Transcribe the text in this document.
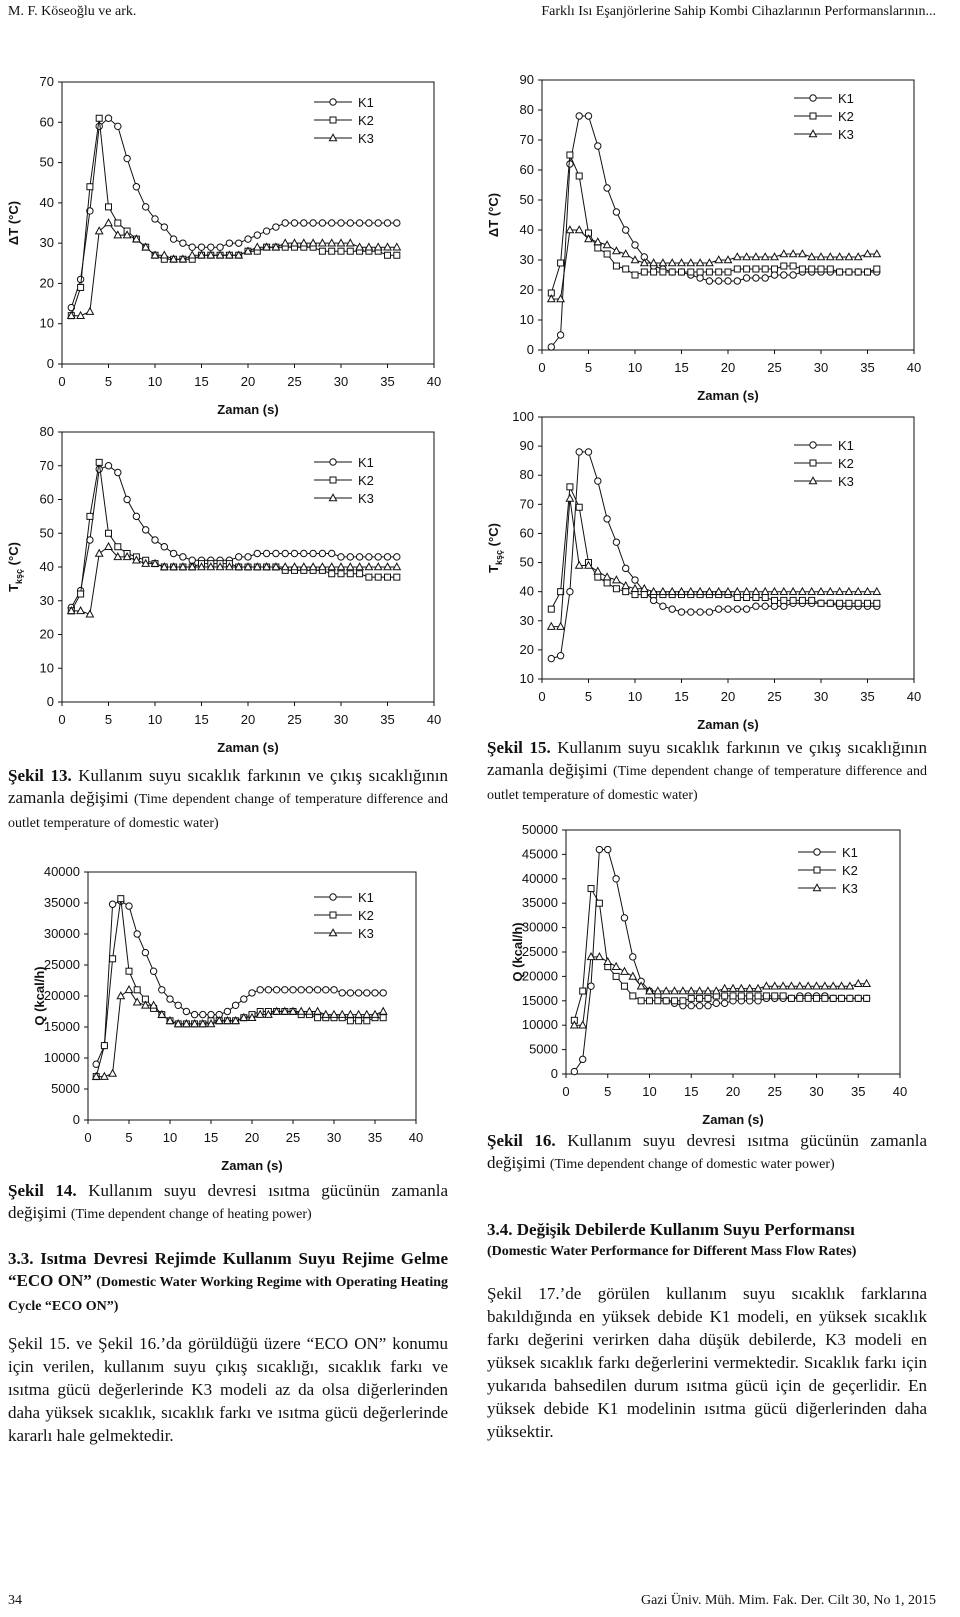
M. F. Köseoğlu ve ark.	Farklı Isı Eşanjörlerine Sahip Kombi Cihazlarının Performanslarının...
0
10
20
30
40
50
60
70
0	5	10 15 20 25 30 35 40
Zaman (s)
ΔT (°C)
K1
K2
K3
0
10
20
30
40
50
60
70
80
0	5	10 15 20 25 30 35 40
Zaman (s)
$T_{kşç}$ (°C)
K1
K2
K3
0
10
20
30
40
50
60
70
80
90
0	5	10 15 20 25 30 35 40
Zaman (s)
ΔT (°C)
K1
K2
K3
10
20
30
40
50
60
70
80
90
100
0	5	10 15 20 25 30 35 40
Zaman (s)
$T_{kşç}$ (°C)
K1
K2
K3
0
5000
10000
15000
20000
25000
30000
35000
40000
0	5 10 15 20 25 30 35 40
Zaman (s)
Q (kcal/h)
K1
K2
K3
0
5000
10000
15000
20000
25000
30000
35000
40000
45000
50000
0	5 10 15 20 25 30 35 40
Zaman (s)
Q (kcal/h)
K1
K2
K3
Şekil 13. Kullanım suyu sıcaklık farkının ve çıkış sıcaklığının zamanla değişimi (Time dependent change of temperature difference and outlet temperature of domestic water)
Şekil 15. Kullanım suyu sıcaklık farkının ve çıkış sıcaklığının zamanla değişimi (Time dependent change of temperature difference and outlet temperature of domestic water)
Şekil 14. Kullanım suyu devresi ısıtma gücünün zamanla değişimi (Time dependent change of heating power)
Şekil 16. Kullanım suyu devresi ısıtma gücünün zamanla değişimi (Time dependent change of domestic water power)
3.3. Isıtma Devresi Rejimde Kullanım Suyu Rejime Gelme “ECO ON” (Domestic Water Working Regime with Operating Heating Cycle “ECO ON”)
3.4. Değişik Debilerde Kullanım Suyu Performansı
(Domestic Water Performance for Different Mass Flow Rates)
Şekil 15. ve Şekil 16.’da görüldüğü üzere “ECO ON” konumu için verilen, kullanım suyu çıkış sıcaklığı, sıcaklık farkı ve ısıtma gücü değerlerinde K3 modeli az da olsa diğerlerinden daha yüksek sıcaklık, sıcaklık farkı ve ısıtma gücü değerlerinde kararlı hale gelmektedir.
Şekil 17.’de görülen kullanım suyu sıcaklık farklarına bakıldığında en yüksek debide K1 modeli, en yüksek sıcaklık farkı değerini verirken daha düşük debilerde, K3 modeli en yüksek sıcaklık farkı değerlerini vermektedir. Sıcaklık farkı için yukarıda bahsedilen durum ısıtma gücü için de geçerlidir. En yüksek debide K1 modelinin ısıtma gücü diğerlerinden daha yüksektir.
34	Gazi Üniv. Müh. Mim. Fak. Der. Cilt 30, No 1, 2015
